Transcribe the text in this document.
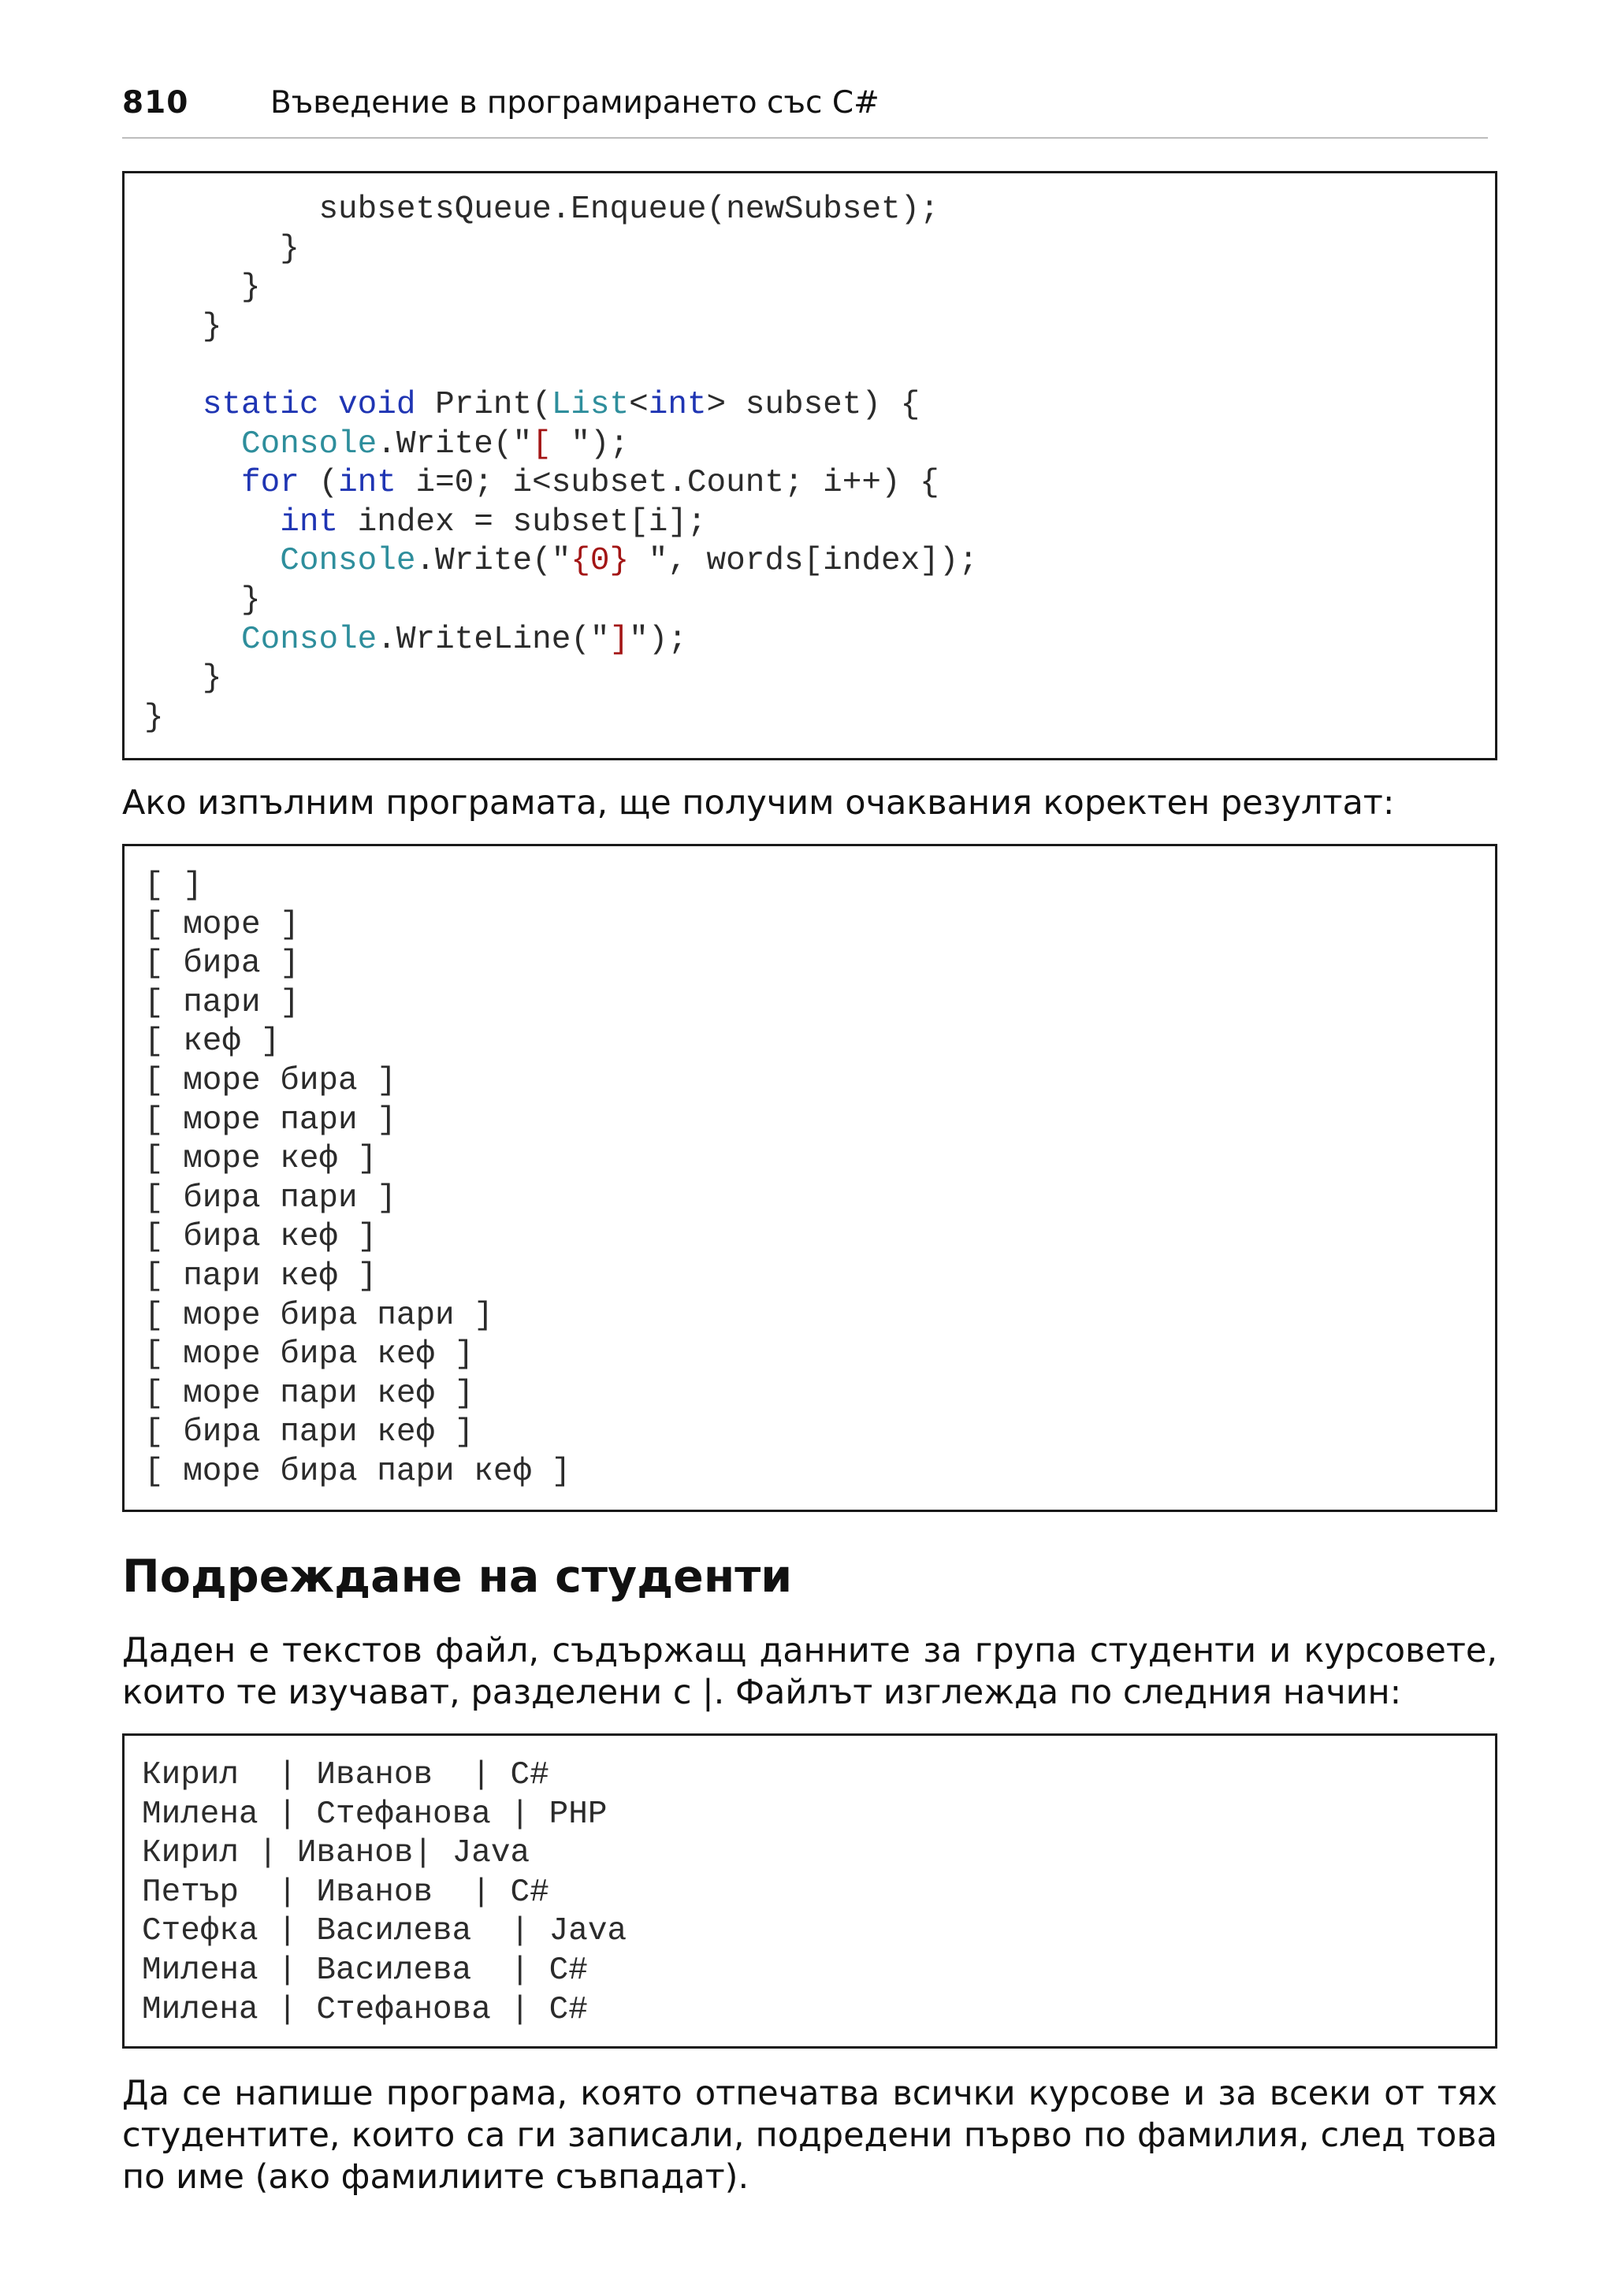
810	Въведение в програмирането със C#
subsetsQueue.Enqueue(newSubset);
}
}
}

static void Print(List<int> subset) {
Console.Write("[ ");
for (int i=0; i<subset.Count; i++) {
int index = subset[i];
Console.Write("{0} ", words[index]);
}
Console.WriteLine("]");
}
}

Ако изпълним програмата, ще получим очаквания коректен резултат:

[ ]
[ море ]
[ бира ]
[ пари ]
[ кеф ]
[ море бира ]
[ море пари ]
[ море кеф ]
[ бира пари ]
[ бира кеф ]
[ пари кеф ]
[ море бира пари ]
[ море бира кеф ]
[ море пари кеф ]
[ бира пари кеф ]
[ море бира пари кеф ]
Подреждане на студенти

Даден е текстов файл, съдържащ данните за група студенти и курсовете,
които те изучават, разделени с |. Файлът изглежда по следния начин:

Кирил  | Иванов  | C#
Милена | Стефанова | PHP
Кирил | Иванов| Java
Петър  | Иванов  | C#
Стефка | Василева  | Java
Милена | Василева  | C#
Милена | Стефанова | C#

Да се напише програма, която отпечатва всички курсове и за всеки от тях студентите, които са ги записали, подредени първо по фамилия, след това
по име (ако фамилиите съвпадат).
